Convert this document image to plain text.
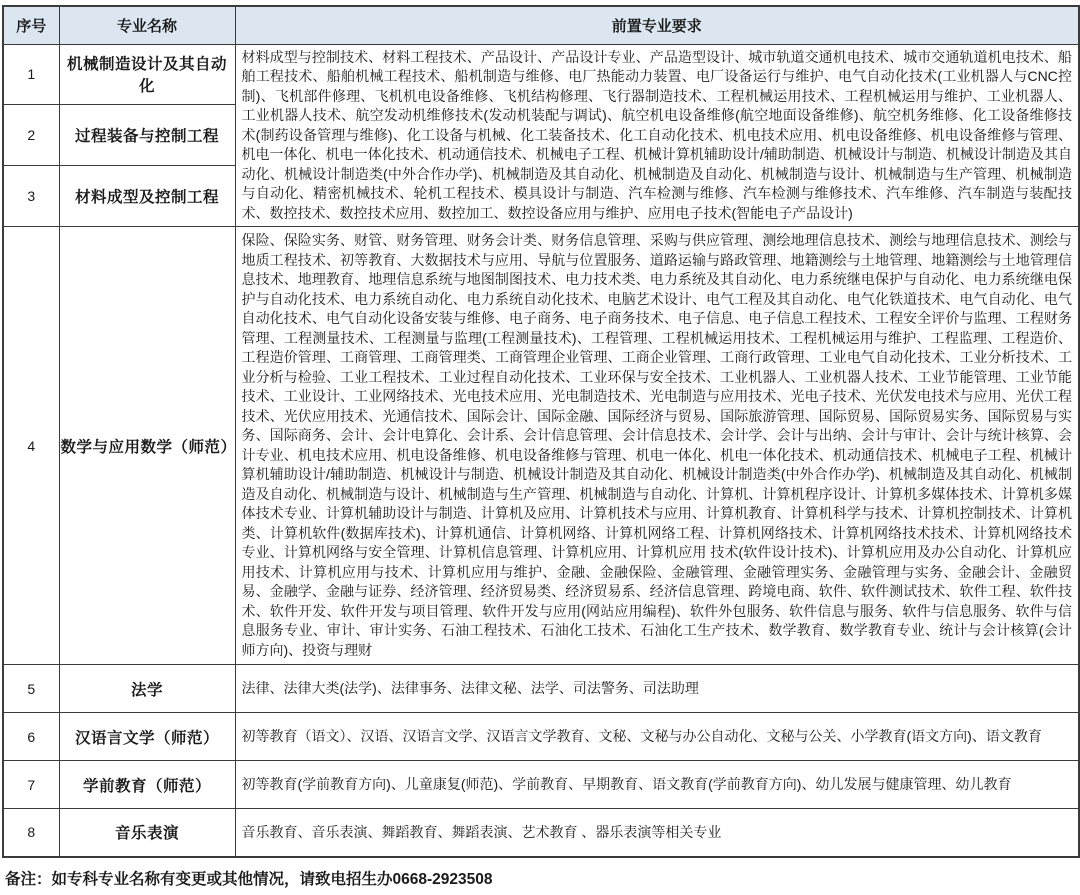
序号	专业名称	前置专业要求
1	机械制造设计及其自动化	材料成型与控制技术、材料工程技术、产品设计、产品设计专业、产品造型设计、城市轨道交通机电技术、城市交通轨道机电技术、船舶工程技术、船舶机械工程技术、船机制造与维修、电厂热能动力装置、电厂设备运行与维护、电气自动化技术(工业机器人与CNC控制)、飞机部件修理、飞机机电设备维修、飞机结构修理、飞行器制造技术、工程机械运用技术、工程机械运用与维护、工业机器人、工业机器人技术、航空发动机维修技术(发动机装配与调试)、航空机电设备维修(航空地面设备维修)、航空机务维修、化工设备维修技术(制药设备管理与维修)、化工设备与机械、化工装备技术、化工自动化技术、机电技术应用、机电设备维修、机电设备维修与管理、机电一体化、机电一体化技术、机动通信技术、机械电子工程、机械计算机辅助设计/辅助制造、机械设计与制造、机械设计制造及其自动化、机械设计制造类(中外合作办学)、机械制造及其自动化、机械制造及自动化、机械制造与设计、机械制造与生产管理、机械制造与自动化、精密机械技术、轮机工程技术、模具设计与制造、汽车检测与维修、汽车检测与维修技术、汽车维修、汽车制造与装配技术、数控技术、数控技术应用、数控加工、数控设备应用与维护、应用电子技术(智能电子产品设计)
2	过程装备与控制工程	
3	材料成型及控制工程	
4	数学与应用数学（师范）	保险、保险实务、财管、财务管理、财务会计类、财务信息管理、采购与供应管理、测绘地理信息技术、测绘与地理信息技术、测绘与地质工程技术、初等教育、大数据技术与应用、导航与位置服务、道路运输与路政管理、地籍测绘与土地管理、地籍测绘与土地管理信息技术、地理教育、地理信息系统与地图制图技术、电力技术类、电力系统及其自动化、电力系统继电保护与自动化、电力系统继电保护与自动化技术、电力系统自动化、电力系统自动化技术、电脑艺术设计、电气工程及其自动化、电气化铁道技术、电气自动化、电气自动化技术、电气自动化设备安装与维修、电子商务、电子商务技术、电子信息、电子信息工程技术、工程安全评价与监理、工程财务管理、工程测量技术、工程测量与监理(工程测量技术)、工程管理、工程机械运用技术、工程机械运用与维护、工程监理、工程造价、工程造价管理、工商管理、工商管理类、工商管理企业管理、工商企业管理、工商行政管理、工业电气自动化技术、工业分析技术、工业分析与检验、工业工程技术、工业过程自动化技术、工业环保与安全技术、工业机器人、工业机器人技术、工业节能管理、工业节能技术、工业设计、工业网络技术、光电技术应用、光电制造技术、光电制造与应用技术、光电子技术、光伏发电技术与应用、光伏工程技术、光伏应用技术、光通信技术、国际会计、国际金融、国际经济与贸易、国际旅游管理、国际贸易、国际贸易实务、国际贸易与实务、国际商务、会计、会计电算化、会计系、会计信息管理、会计信息技术、会计学、会计与出纳、会计与审计、会计与统计核算、会计专业、机电技术应用、机电设备维修、机电设备维修与管理、机电一体化、机电一体化技术、机动通信技术、机械电子工程、机械计算机辅助设计/辅助制造、机械设计与制造、机械设计制造及其自动化、机械设计制造类(中外合作办学)、机械制造及其自动化、机械制造及自动化、机械制造与设计、机械制造与生产管理、机械制造与自动化、计算机、计算机程序设计、计算机多媒体技术、计算机多媒体技术专业、计算机辅助设计与制造、计算机及应用、计算机技术与应用、计算机教育、计算机科学与技术、计算机控制技术、计算机类、计算机软件(数据库技术)、计算机通信、计算机网络、计算机网络工程、计算机网络技术、计算机网络技术技术、计算机网络技术专业、计算机网络与安全管理、计算机信息管理、计算机应用、计算机应用 技术(软件设计技术)、计算机应用及办公自动化、计算机应用技术、计算机应用与技术、计算机应用与维护、金融、金融保险、金融管理、金融管理实务、金融管理与实务、金融会计、金融贸易、金融学、金融与证券、经济管理、经济贸易类、经济贸易系、经济信息管理、跨境电商、软件、软件测试技术、软件工程、软件技术、软件开发、软件开发与项目管理、软件开发与应用(网站应用编程)、软件外包服务、软件信息与服务、软件与信息服务、软件与信息服务专业、审计、审计实务、石油工程技术、石油化工技术、石油化工生产技术、数学教育、数学教育专业、统计与会计核算(会计师方向)、投资与理财
5	法学	法律、法律大类(法学)、法律事务、法律文秘、法学、司法警务、司法助理
6	汉语言文学（师范）	初等教育（语文）、汉语、汉语言文学、汉语言文学教育、文秘、文秘与办公自动化、文秘与公关、小学教育(语文方向)、语文教育
7	学前教育（师范）	初等教育(学前教育方向)、儿童康复(师范)、学前教育、早期教育、语文教育(学前教育方向)、幼儿发展与健康管理、幼儿教育
8	音乐表演	音乐教育、音乐表演、舞蹈教育、舞蹈表演、艺术教育 、器乐表演等相关专业
备注：如专科专业名称有变更或其他情况，请致电招生办0668-2923508
